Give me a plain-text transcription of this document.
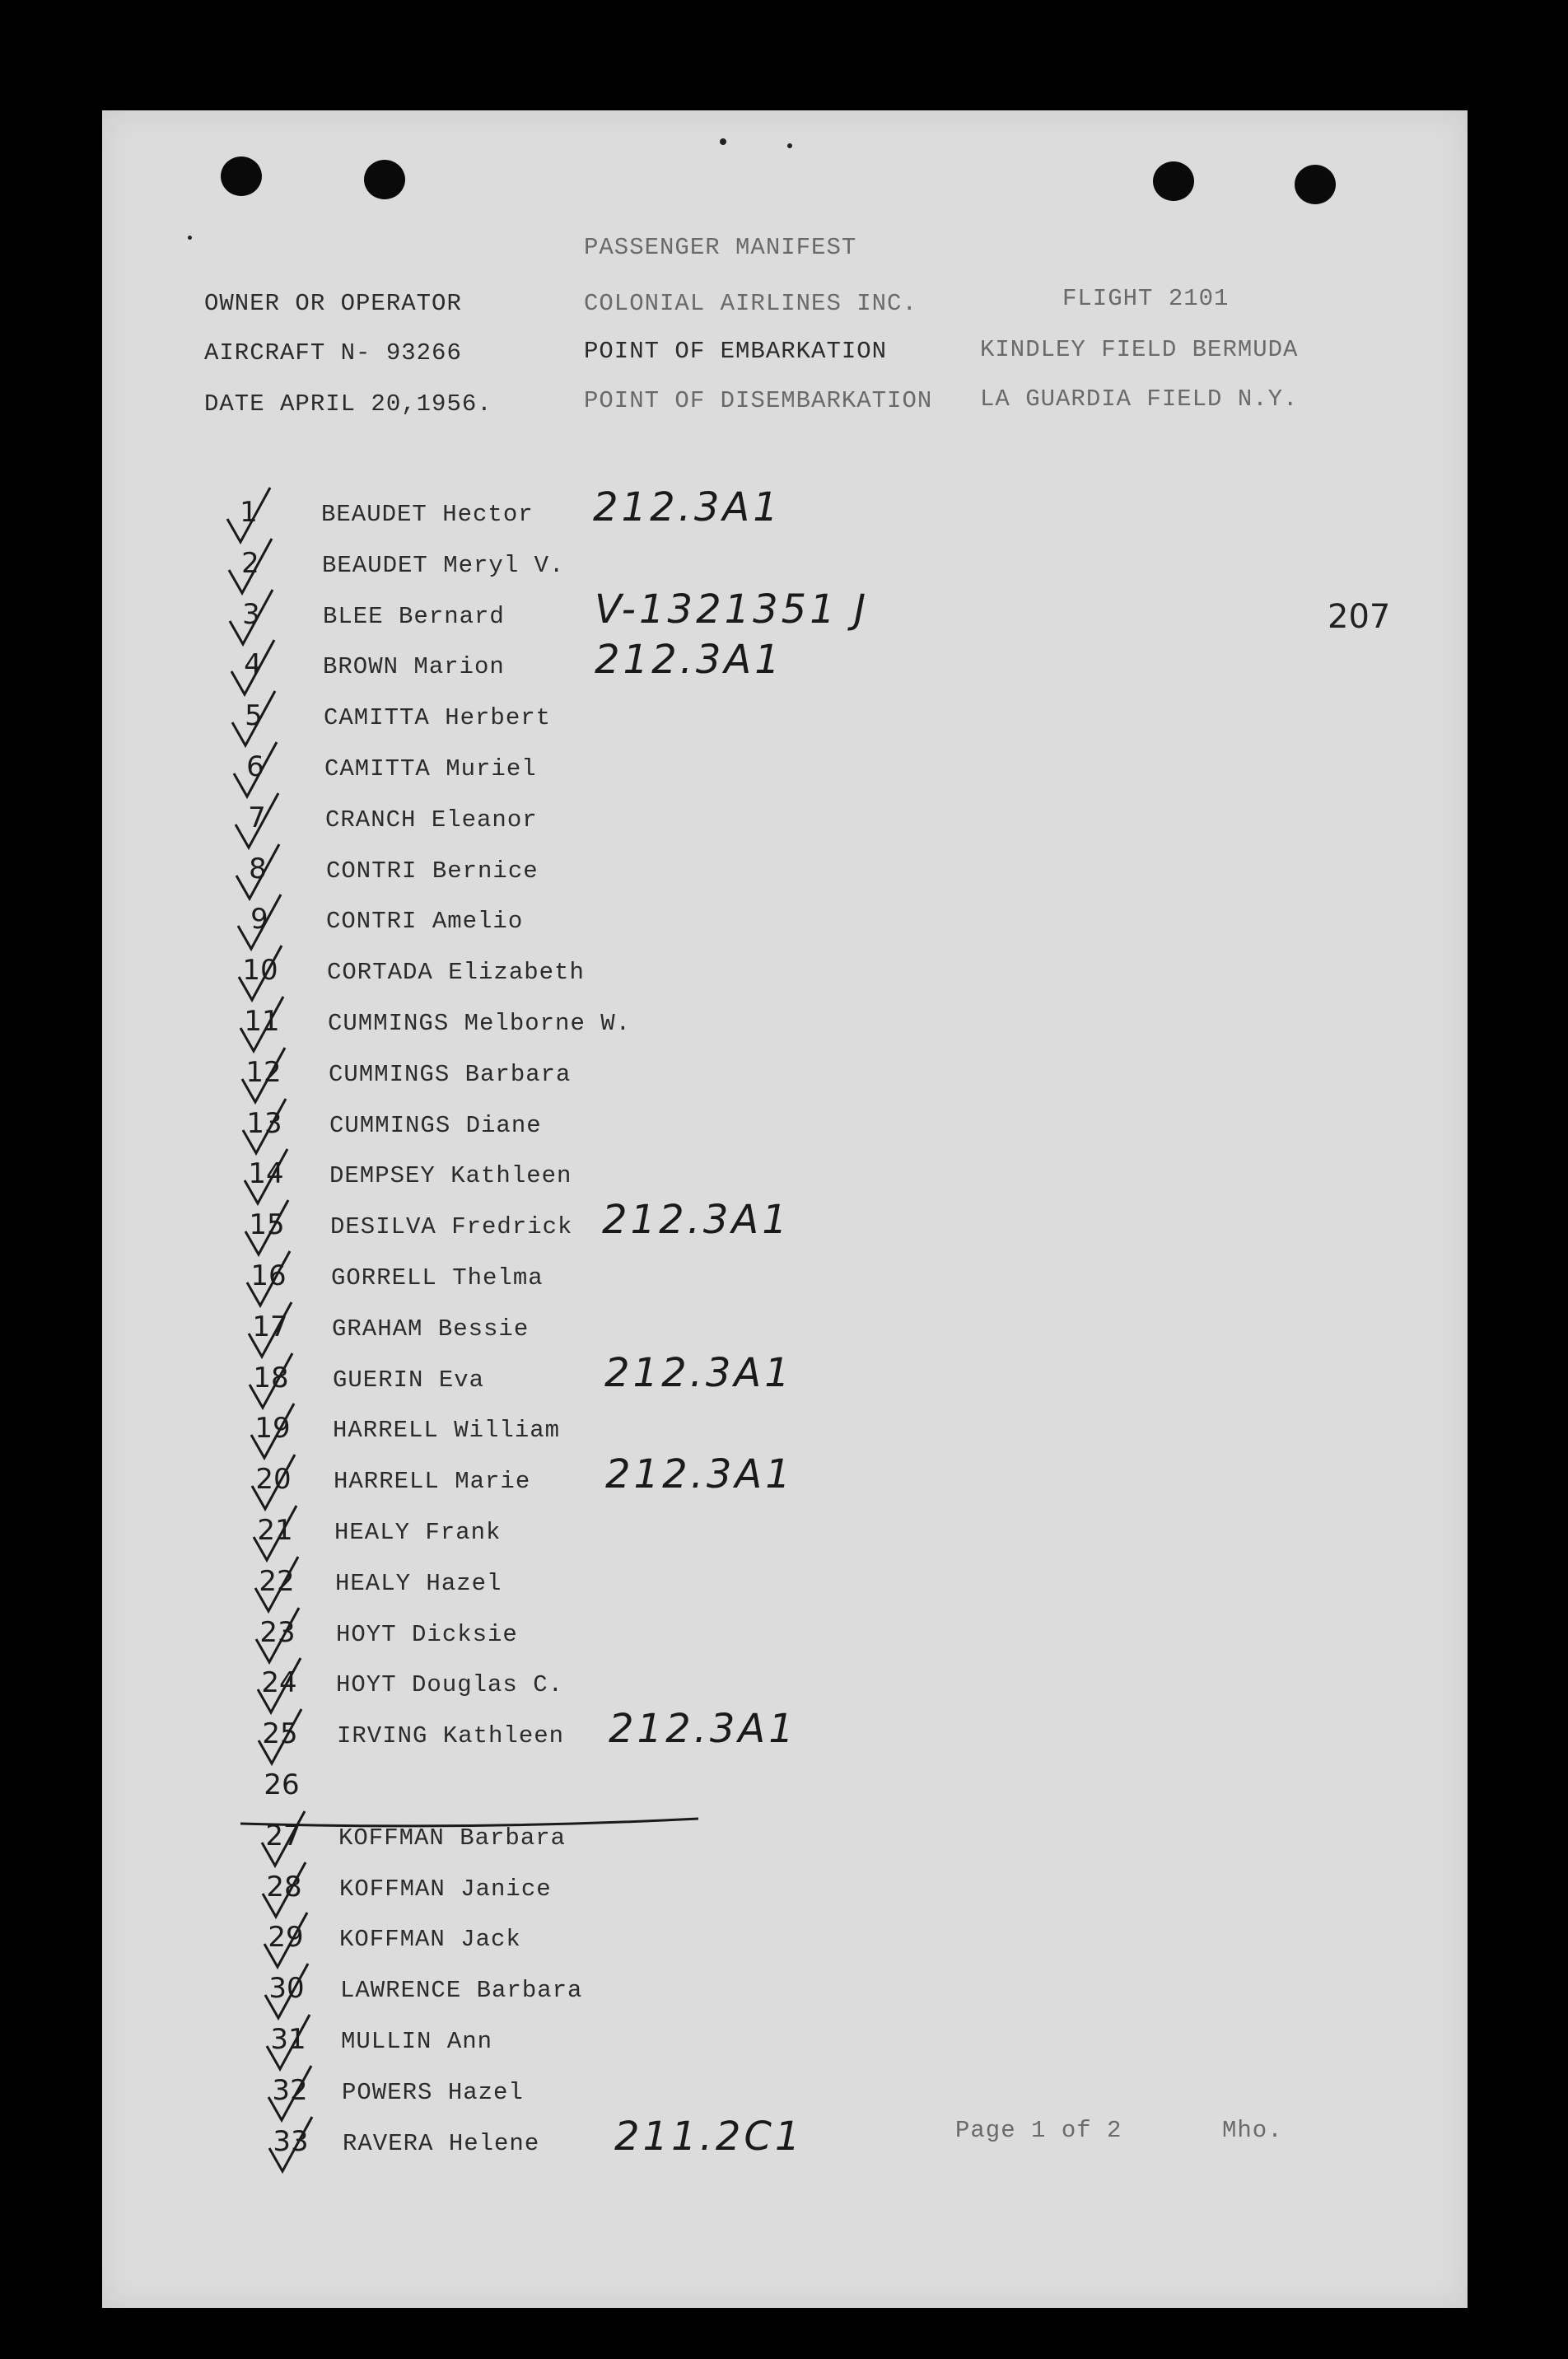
PASSENGER MANIFEST
OWNER OR OPERATOR	COLONIAL AIRLINES INC.	FLIGHT 2101
AIRCRAFT N- 93266	POINT OF EMBARKATION	KINDLEY FIELD BERMUDA
DATE APRIL 20,1956.	POINT OF DISEMBARKATION LA GUARDIA FIELD N.Y.
207
1	BEAUDET Hector 212.3A1
2	BEAUDET Meryl V.
3	BLEE Bernard V-1321351 J
4	BROWN Marion 212.3A1
5	CAMITTA Herbert
6	CAMITTA Muriel
7	CRANCH Eleanor
8	CONTRI Bernice
9	CONTRI Amelio
10	CORTADA Elizabeth
11	CUMMINGS Melborne W.
12	CUMMINGS Barbara
13	CUMMINGS Diane
14	DEMPSEY Kathleen
15	DESILVA Fredrick 212.3A1
16	GORRELL Thelma
17	GRAHAM Bessie
18	GUERIN Eva	212.3A1
19	HARRELL William
20	HARRELL Marie 212.3A1
21	HEALY Frank
22	HEALY Hazel
23	HOYT Dicksie
24	HOYT Douglas C.
25	IRVING Kathleen 212.3A1
26
27	KOFFMAN Barbara
28	KOFFMAN Janice
29	KOFFMAN Jack
30	LAWRENCE Barbara
31	MULLIN Ann
32	POWERS Hazel
33	RAVERA Helene 211.2C1	Page 1 of 2	Mho.
